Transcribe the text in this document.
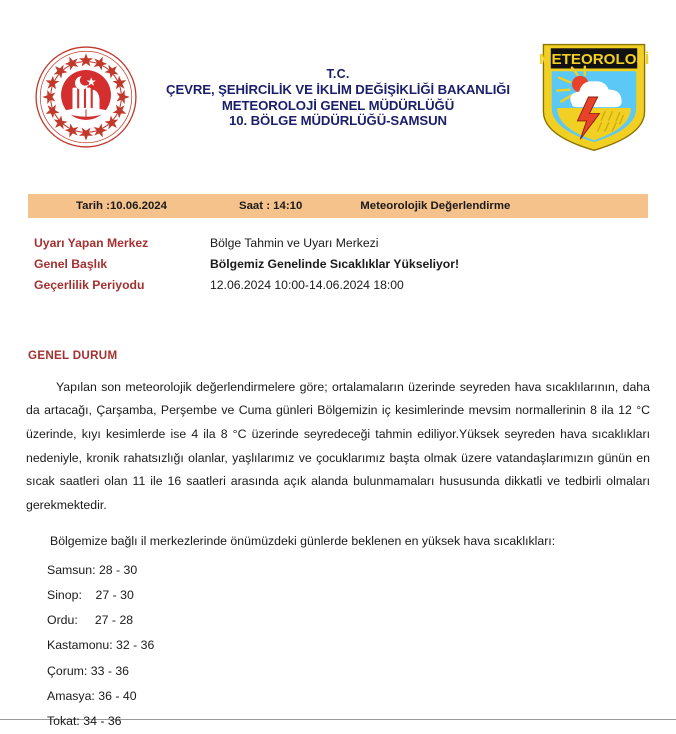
T.C.
ÇEVRE, ŞEHİRCİLİK VE İKLİM DEĞİŞİKLİĞİ BAKANLIĞI
METEOROLOJİ GENEL MÜDÜRLÜĞÜ
10. BÖLGE MÜDÜRLÜĞÜ-SAMSUN
METEOROLOJİ
Tarih :10.06.2024	Saat : 14:10	Meteorolojik Değerlendirme
Uyarı Yapan Merkez	Bölge Tahmin ve Uyarı Merkezi
Genel Başlık	Bölgemiz Genelinde Sıcaklıklar Yükseliyor!
Geçerlilik Periyodu	12.06.2024 10:00-14.06.2024 18:00
GENEL DURUM

Yapılan son meteorolojik değerlendirmelere göre; ortalamaların üzerinde seyreden hava sıcaklılarının, daha da artacağı, Çarşamba, Perşembe ve Cuma günleri Bölgemizin iç kesimlerinde mevsim normallerinin 8 ila 12 °C üzerinde, kıyı kesimlerde ise 4 ila 8 °C üzerinde seyredeceği tahmin ediliyor.Yüksek seyreden hava sıcaklıkları nedeniyle, kronik rahatsızlığı olanlar, yaşlılarımız ve çocuklarımız başta olmak üzere vatandaşlarımızın günün en sıcak saatleri olan 11 ile 16 saatleri arasında açık alanda bulunmamaları hususunda dikkatli ve tedbirli olmaları gerekmektedir.

Bölgemize bağlı il merkezlerinde önümüzdeki günlerde beklenen en yüksek hava sıcaklıkları:

Samsun: 28 - 30
Sinop:    27 - 30
Ordu:     27 - 28
Kastamonu: 32 - 36
Çorum: 33 - 36
Amasya: 36 - 40
Tokat: 34 - 36
